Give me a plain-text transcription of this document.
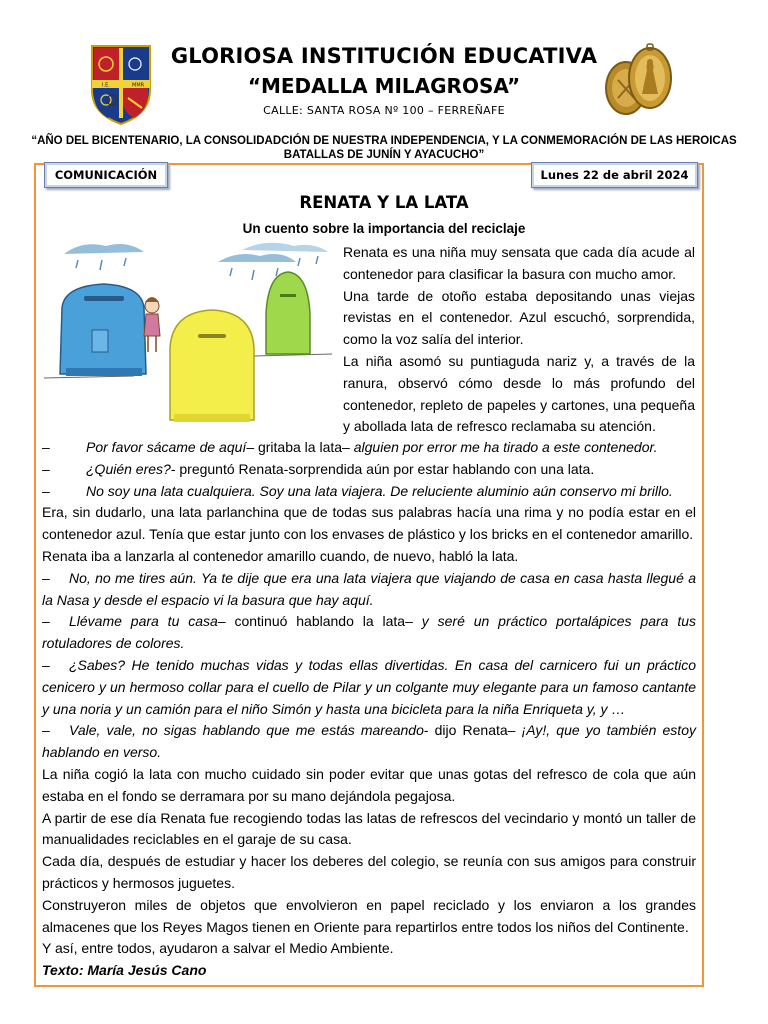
I.E.	MMR
GLORIOSA INSTITUCIÓN EDUCATIVA
“MEDALLA MILAGROSA”
CALLE: SANTA ROSA Nº 100 – FERREÑAFE
“AÑO DEL BICENTENARIO, LA CONSOLIDADCIÓN DE NUESTRA INDEPENDENCIA, Y LA CONMEMORACIÓN DE LAS HEROICAS BATALLAS DE JUNÍN Y AYACUCHO”
COMUNICACIÓN	Lunes 22 de abril 2024
RENATA Y LA LATA
Un cuento sobre la importancia del reciclaje

Renata es una niña muy sensata que cada día acude al contenedor para clasificar la basura con mucho amor.

Una tarde de otoño estaba depositando unas viejas revistas en el contenedor. Azul escuchó, sorprendida, como la voz salía del interior.

La niña asomó su puntiaguda nariz y, a través de la ranura, observó cómo desde lo más profundo del contenedor, repleto de papeles y cartones, una pequeña y abollada lata de refresco reclamaba su atención.

–	Por favor sácame de aquí– gritaba la lata– alguien por error me ha tirado a este contenedor.

–	¿Quién eres?- preguntó Renata-sorprendida aún por estar hablando con una lata.

–	No soy una lata cualquiera. Soy una lata viajera. De reluciente aluminio aún conservo mi brillo.

Era, sin dudarlo, una lata parlanchina que de todas sus palabras hacía una rima y no podía estar en el contenedor azul. Tenía que estar junto con los envases de plástico y los bricks en el contenedor amarillo.

Renata iba a lanzarla al contenedor amarillo cuando, de nuevo, habló la lata.

– No, no me tires aún. Ya te dije que era una lata viajera que viajando de casa en casa hasta llegué a la Nasa y desde el espacio vi la basura que hay aquí.

– Llévame para tu casa– continuó hablando la lata– y seré un práctico portalápices para tus rotuladores de colores.

– ¿Sabes? He tenido muchas vidas y todas ellas divertidas. En casa del carnicero fui un práctico cenicero y un hermoso collar para el cuello de Pilar y un colgante muy elegante para un famoso cantante y una noria y un camión para el niño Simón y hasta una bicicleta para la niña Enriqueta y, y …

– Vale, vale, no sigas hablando que me estás mareando- dijo Renata– ¡Ay!, que yo también estoy hablando en verso.

La niña cogió la lata con mucho cuidado sin poder evitar que unas gotas del refresco de cola que aún estaba en el fondo se derramara por su mano dejándola pegajosa.

A partir de ese día Renata fue recogiendo todas las latas de refrescos del vecindario y montó un taller de manualidades reciclables en el garaje de su casa.

Cada día, después de estudiar y hacer los deberes del colegio, se reunía con sus amigos para construir prácticos y hermosos juguetes.

Construyeron miles de objetos que envolvieron en papel reciclado y los enviaron a los grandes almacenes que los Reyes Magos tienen en Oriente para repartirlos entre todos los niños del Continente.

Y así, entre todos, ayudaron a salvar el Medio Ambiente.

Texto: María Jesús Cano
